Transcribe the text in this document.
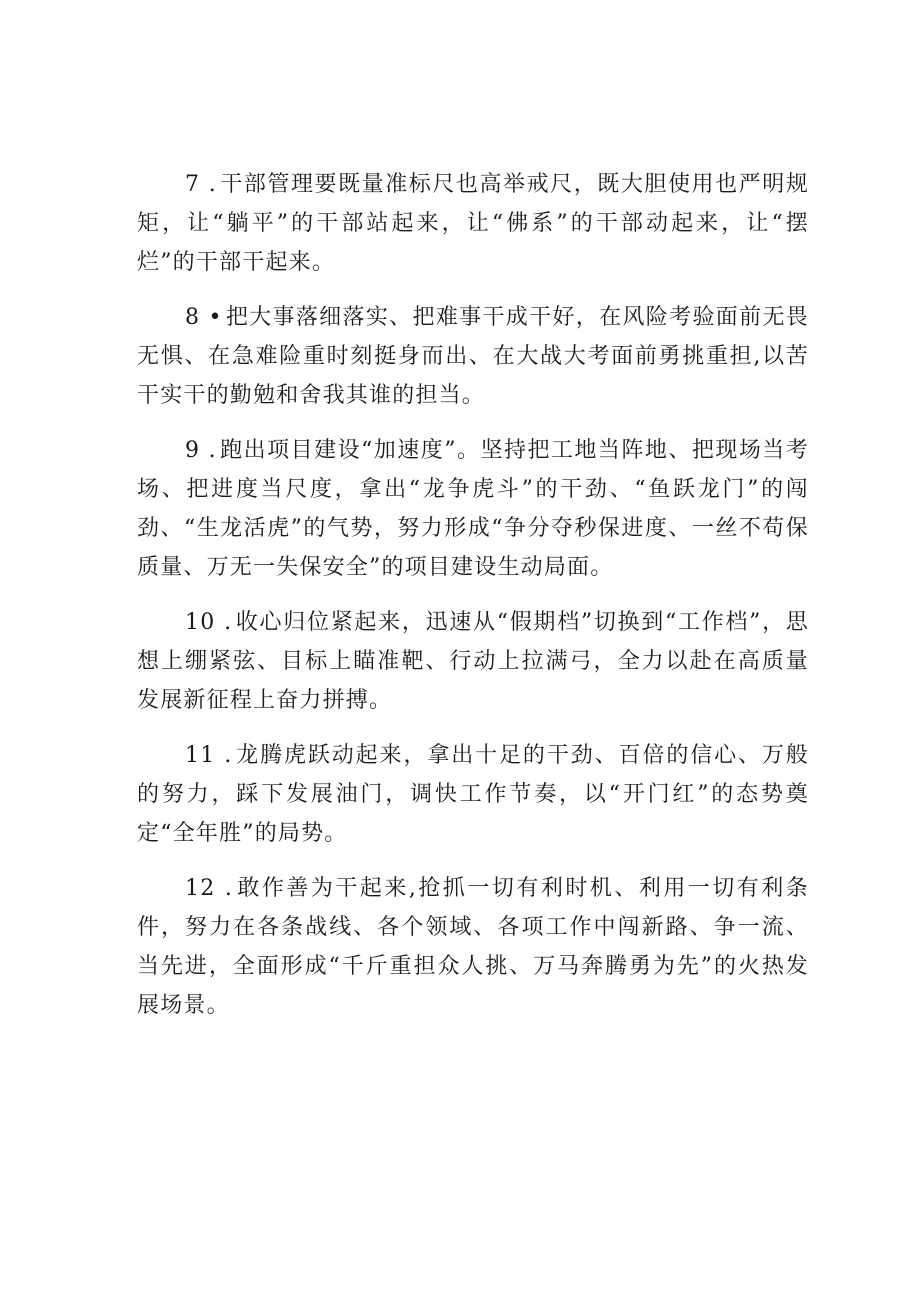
7 . 干部管理要既量准标尺也高举戒尺，既大胆使用也严明规矩，让“躺平”的干部站起来，让“佛系”的干部动起来，让“摆烂”的干部干起来。

8 • 把大事落细落实、把难事干成干好，在风险考验面前无畏无惧、在急难险重时刻挺身而出、在大战大考面前勇挑重担,以苦干实干的勤勉和舍我其谁的担当。

9 . 跑出项目建设“加速度”。坚持把工地当阵地、把现场当考场、把进度当尺度，拿出“龙争虎斗”的干劲、“鱼跃龙门”的闯劲、“生龙活虎”的气势，努力形成“争分夺秒保进度、一丝不苟保质量、万无一失保安全”的项目建设生动局面。

10 . 收心归位紧起来，迅速从“假期档”切换到“工作档”，思想上绷紧弦、目标上瞄准靶、行动上拉满弓，全力以赴在高质量发展新征程上奋力拼搏。

11 . 龙腾虎跃动起来，拿出十足的干劲、百倍的信心、万般的努力，踩下发展油门，调快工作节奏，以“开门红”的态势奠定“全年胜”的局势。

12 . 敢作善为干起来,抢抓一切有利时机、利用一切有利条件，努力在各条战线、各个领域、各项工作中闯新路、争一流、当先进，全面形成“千斤重担众人挑、万马奔腾勇为先”的火热发展场景。
